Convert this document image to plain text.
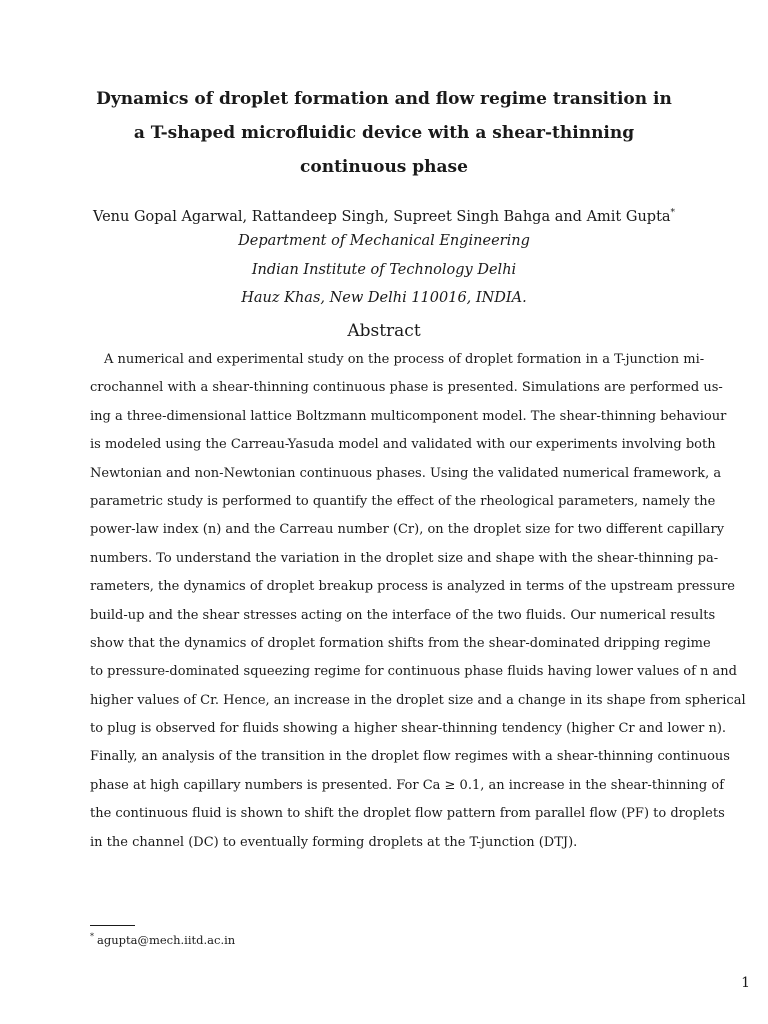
Dynamics of droplet formation and flow regime transition in a T-shaped microfluidic device with a shear-thinning continuous phase
Venu Gopal Agarwal, Rattandeep Singh, Supreet Singh Bahga and Amit Gupta*
Department of Mechanical Engineering
Indian Institute of Technology Delhi
Hauz Khas, New Delhi 110016, INDIA.
Abstract
A numerical and experimental study on the process of droplet formation in a T-junction mi-
crochannel with a shear-thinning continuous phase is presented. Simulations are performed us-
ing a three-dimensional lattice Boltzmann multicomponent model. The shear-thinning behaviour
is modeled using the Carreau-Yasuda model and validated with our experiments involving both
Newtonian and non-Newtonian continuous phases. Using the validated numerical framework, a
parametric study is performed to quantify the effect of the rheological parameters, namely the
power-law index (n) and the Carreau number (Cr), on the droplet size for two different capillary
numbers. To understand the variation in the droplet size and shape with the shear-thinning pa-
rameters, the dynamics of droplet breakup process is analyzed in terms of the upstream pressure
build-up and the shear stresses acting on the interface of the two fluids. Our numerical results
show that the dynamics of droplet formation shifts from the shear-dominated dripping regime
to pressure-dominated squeezing regime for continuous phase fluids having lower values of n and
higher values of Cr. Hence, an increase in the droplet size and a change in its shape from spherical
to plug is observed for fluids showing a higher shear-thinning tendency (higher Cr and lower n).
Finally, an analysis of the transition in the droplet flow regimes with a shear-thinning continuous
phase at high capillary numbers is presented. For Ca ≥ 0.1, an increase in the shear-thinning of
the continuous fluid is shown to shift the droplet flow pattern from parallel flow (PF) to droplets
in the channel (DC) to eventually forming droplets at the T-junction (DTJ).
* agupta@mech.iitd.ac.in
1
